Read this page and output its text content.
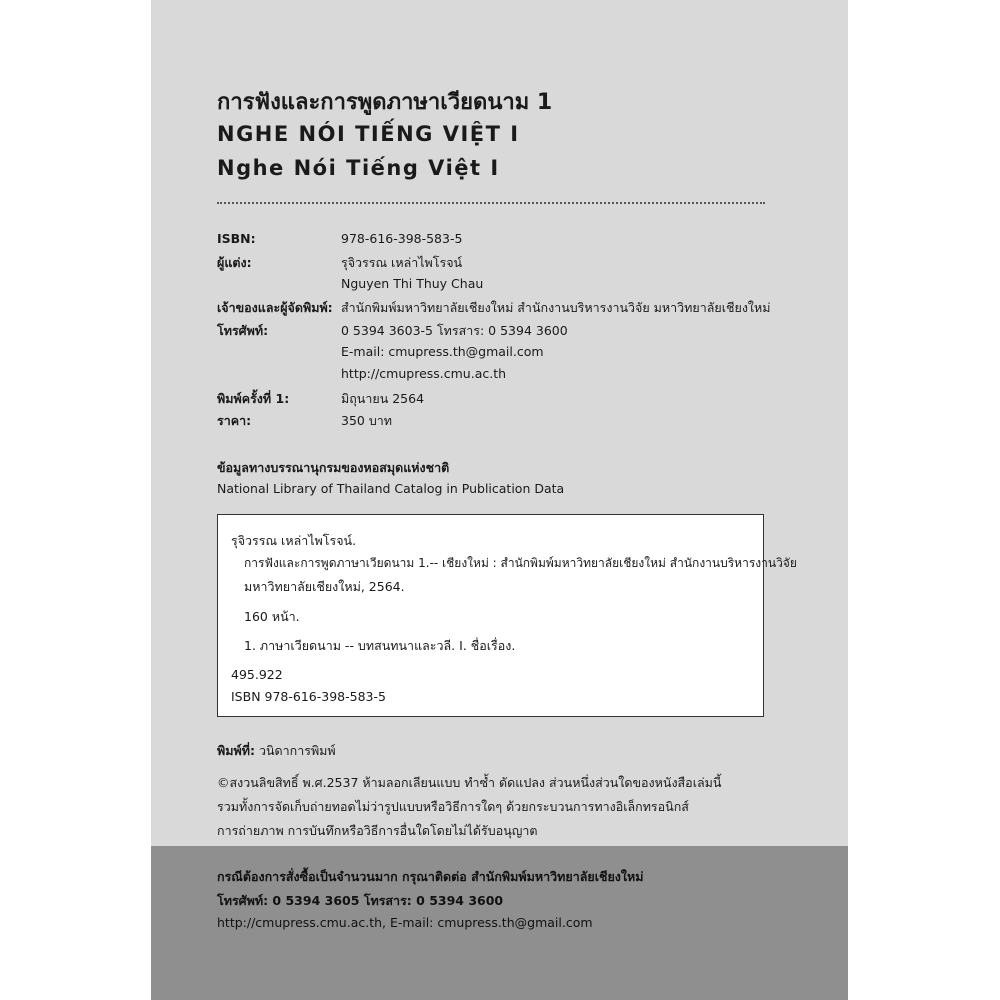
การฟังและการพูดภาษาเวียดนาม 1
NGHE NÓI TIẾNG VIỆT I
Nghe Nói Tiếng Việt I
ISBN:	978-616-398-583-5
ผู้แต่ง:	รุจิวรรณ เหล่าไพโรจน์
Nguyen Thi Thuy Chau
เจ้าของและผู้จัดพิมพ์: สำนักพิมพ์มหาวิทยาลัยเชียงใหม่ สำนักงานบริหารงานวิจัย มหาวิทยาลัยเชียงใหม่
โทรศัพท์:	0 5394 3603-5 โทรสาร: 0 5394 3600
E-mail: cmupress.th@gmail.com
http://cmupress.cmu.ac.th
พิมพ์ครั้งที่ 1:	มิถุนายน 2564
ราคา:	350 บาท
ข้อมูลทางบรรณานุกรมของหอสมุดแห่งชาติ
National Library of Thailand Catalog in Publication Data
รุจิวรรณ เหล่าไพโรจน์.
การฟังและการพูดภาษาเวียดนาม 1.-- เชียงใหม่ : สำนักพิมพ์มหาวิทยาลัยเชียงใหม่ สำนักงานบริหารงานวิจัย
มหาวิทยาลัยเชียงใหม่, 2564.
160 หน้า.
1. ภาษาเวียดนาม -- บทสนทนาและวลี. I. ชื่อเรื่อง.
495.922
ISBN 978-616-398-583-5
พิมพ์ที่: วนิดาการพิมพ์
©สงวนลิขสิทธิ์ พ.ศ.2537 ห้ามลอกเลียนแบบ ทำซ้ำ ดัดแปลง ส่วนหนึ่งส่วนใดของหนังสือเล่มนี้
รวมทั้งการจัดเก็บถ่ายทอดไม่ว่ารูปแบบหรือวิธีการใดๆ ด้วยกระบวนการทางอิเล็กทรอนิกส์
การถ่ายภาพ การบันทึกหรือวิธีการอื่นใดโดยไม่ได้รับอนุญาต
กรณีต้องการสั่งซื้อเป็นจำนวนมาก กรุณาติดต่อ สำนักพิมพ์มหาวิทยาลัยเชียงใหม่
โทรศัพท์: 0 5394 3605 โทรสาร: 0 5394 3600
http://cmupress.cmu.ac.th, E-mail: cmupress.th@gmail.com
